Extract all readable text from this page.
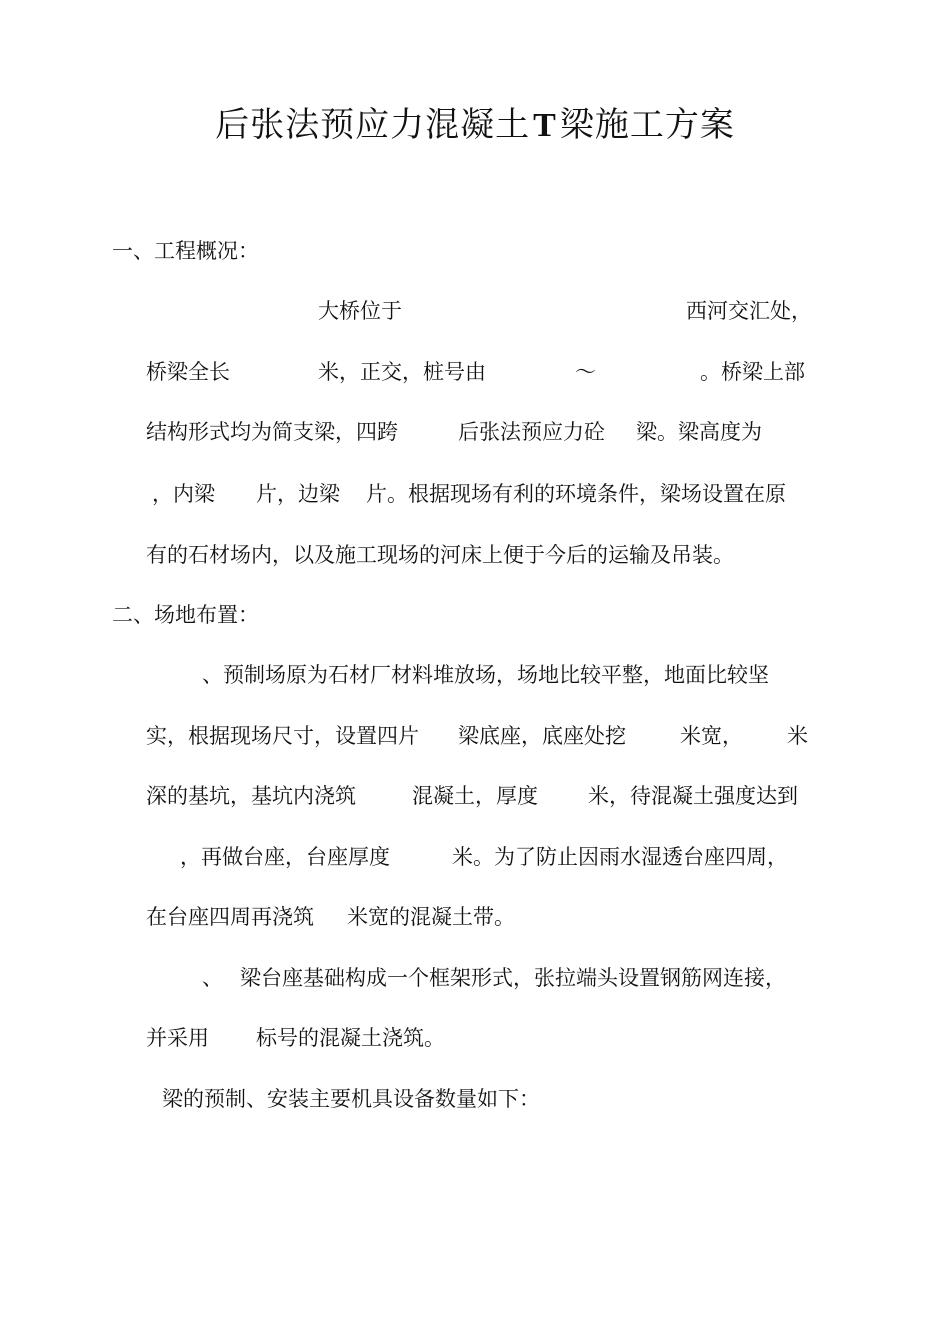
后张法预应力混凝土T梁施工方案
一、工程概况：
大桥位于	西河交汇处，
桥梁全长	米，正交，桩号由	～	。桥梁上部
结构形式均为简支梁，四跨	后张法预应力砼 梁。梁高度为
，内梁 片，边梁 片。根据现场有利的环境条件，梁场设置在原
有的石材场内，以及施工现场的河床上便于今后的运输及吊装。
二、场地布置：
、预制场原为石材厂材料堆放场，场地比较平整，地面比较坚
实，根据现场尺寸，设置四片 梁底座，底座处挖	米宽， 米
深的基坑，基坑内浇筑	混凝土，厚度 米，待混凝土强度达到
，再做台座，台座厚度	米。为了防止因雨水湿透台座四周，
在台座四周再浇筑 米宽的混凝土带。
、 梁台座基础构成一个框架形式，张拉端头设置钢筋网连接，
并采用 标号的混凝土浇筑。
梁的预制、安装主要机具设备数量如下：
